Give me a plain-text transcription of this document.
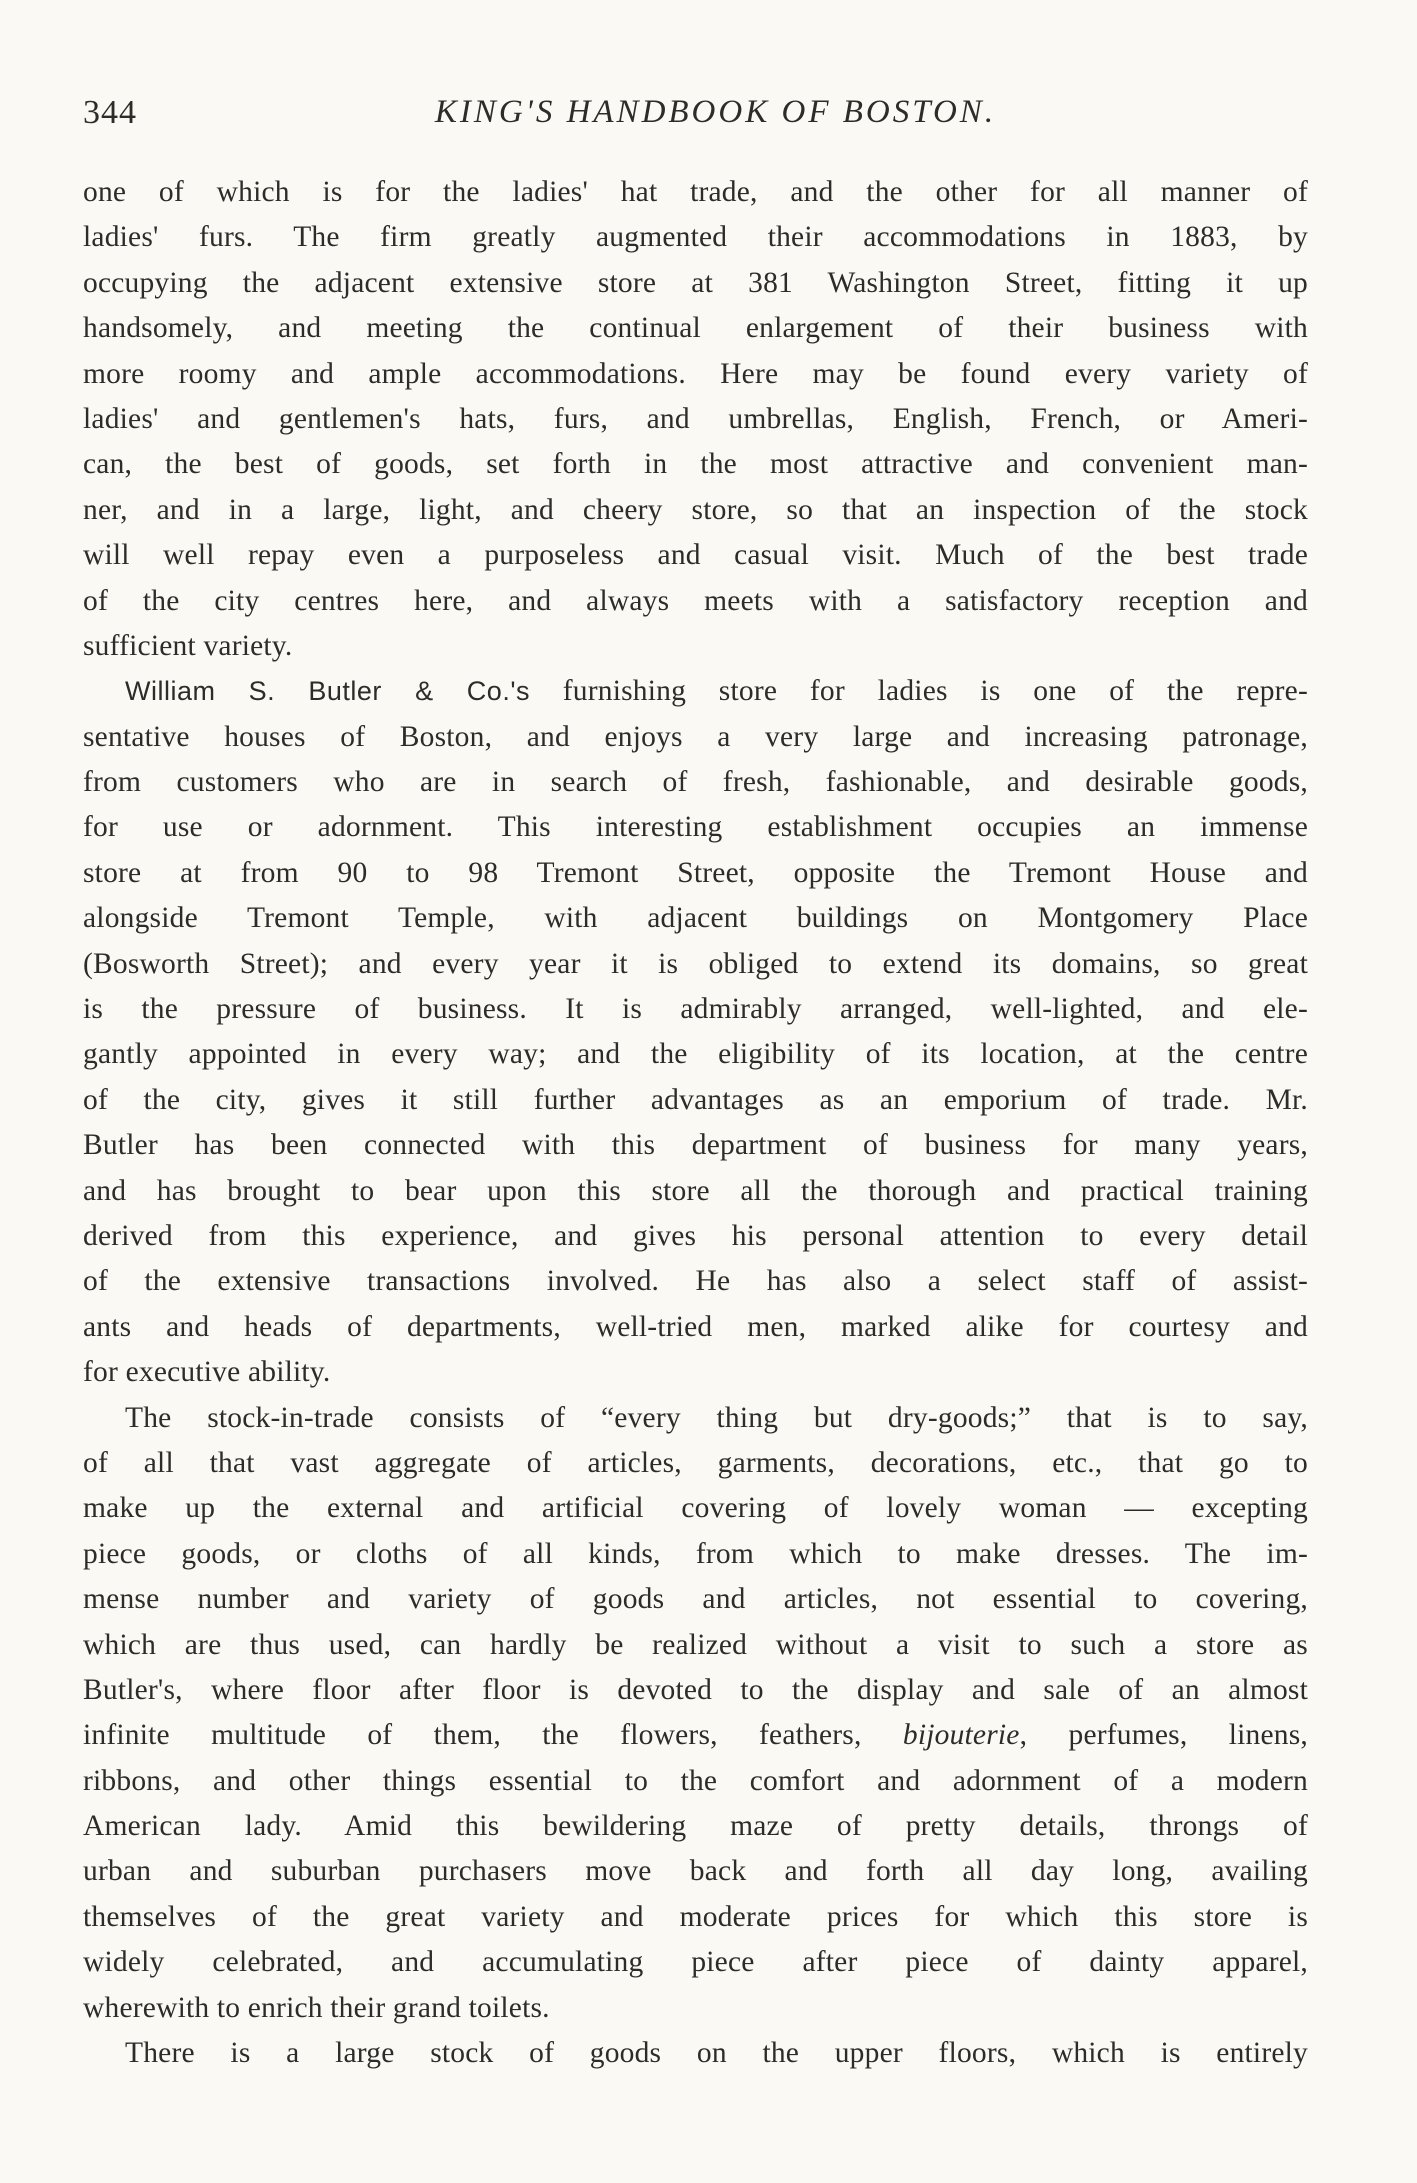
344	KING'S HANDBOOK OF BOSTON.
one of which is for the ladies' hat trade, and the other for all manner of
ladies' furs. The firm greatly augmented their accommodations in 1883, by
occupying the adjacent extensive store at 381 Washington Street, fitting it up
handsomely, and meeting the continual enlargement of their business with
more roomy and ample accommodations. Here may be found every variety of
ladies' and gentlemen's hats, furs, and umbrellas, English, French, or Ameri-
can, the best of goods, set forth in the most attractive and convenient man-
ner, and in a large, light, and cheery store, so that an inspection of the stock
will well repay even a purposeless and casual visit. Much of the best trade
of the city centres here, and always meets with a satisfactory reception and
sufficient variety.
William S. Butler & Co.'s furnishing store for ladies is one of the repre-
sentative houses of Boston, and enjoys a very large and increasing patronage,
from customers who are in search of fresh, fashionable, and desirable goods,
for use or adornment. This interesting establishment occupies an immense
store at from 90 to 98 Tremont Street, opposite the Tremont House and
alongside Tremont Temple, with adjacent buildings on Montgomery Place
(Bosworth Street); and every year it is obliged to extend its domains, so great
is the pressure of business. It is admirably arranged, well-lighted, and ele-
gantly appointed in every way; and the eligibility of its location, at the centre
of the city, gives it still further advantages as an emporium of trade. Mr.
Butler has been connected with this department of business for many years,
and has brought to bear upon this store all the thorough and practical training
derived from this experience, and gives his personal attention to every detail
of the extensive transactions involved. He has also a select staff of assist-
ants and heads of departments, well-tried men, marked alike for courtesy and
for executive ability.
The stock-in-trade consists of “every thing but dry-goods;” that is to say,
of all that vast aggregate of articles, garments, decorations, etc., that go to
make up the external and artificial covering of lovely woman — excepting
piece goods, or cloths of all kinds, from which to make dresses. The im-
mense number and variety of goods and articles, not essential to covering,
which are thus used, can hardly be realized without a visit to such a store as
Butler's, where floor after floor is devoted to the display and sale of an almost
infinite multitude of them, the flowers, feathers, bijouterie, perfumes, linens,
ribbons, and other things essential to the comfort and adornment of a modern
American lady. Amid this bewildering maze of pretty details, throngs of
urban and suburban purchasers move back and forth all day long, availing
themselves of the great variety and moderate prices for which this store is
widely celebrated, and accumulating piece after piece of dainty apparel,
wherewith to enrich their grand toilets.
There is a large stock of goods on the upper floors, which is entirely
